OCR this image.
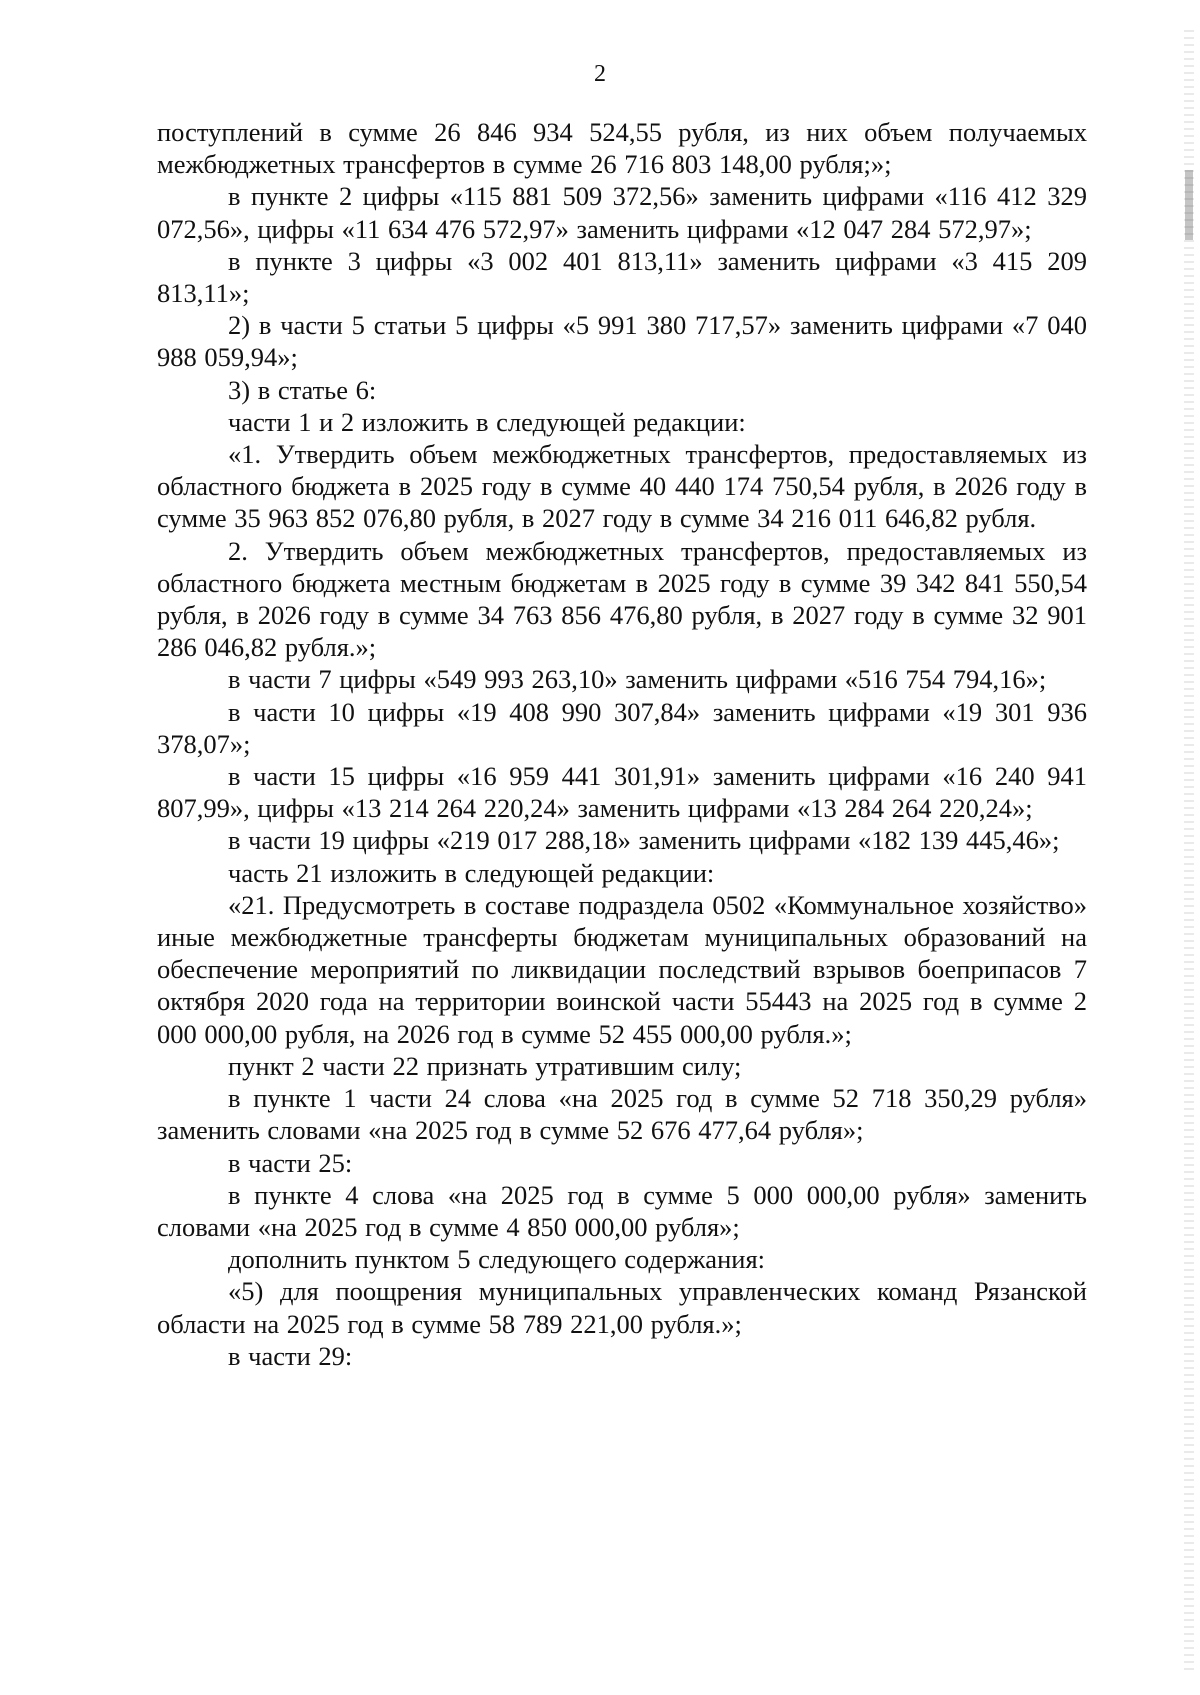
2

поступлений в сумме 26 846 934 524,55 рубля, из них объем получаемых межбюджетных трансфертов в сумме 26 716 803 148,00 рубля;»;

в пункте 2 цифры «115 881 509 372,56» заменить цифрами «116 412 329 072,56», цифры «11 634 476 572,97» заменить цифрами «12 047 284 572,97»;

в пункте 3 цифры «3 002 401 813,11» заменить цифрами «3 415 209 813,11»;

2) в части 5 статьи 5 цифры «5 991 380 717,57» заменить цифрами «7 040 988 059,94»;

3) в статье 6:

части 1 и 2 изложить в следующей редакции:

«1. Утвердить объем межбюджетных трансфертов, предоставляемых из областного бюджета в 2025 году в сумме 40 440 174 750,54 рубля, в 2026 году в сумме 35 963 852 076,80 рубля, в 2027 году в сумме 34 216 011 646,82 рубля.

2. Утвердить объем межбюджетных трансфертов, предоставляемых из областного бюджета местным бюджетам в 2025 году в сумме 39 342 841 550,54 рубля, в 2026 году в сумме 34 763 856 476,80 рубля, в 2027 году в сумме 32 901 286 046,82 рубля.»;

в части 7 цифры «549 993 263,10» заменить цифрами «516 754 794,16»;

в части 10 цифры «19 408 990 307,84» заменить цифрами «19 301 936 378,07»;

в части 15 цифры «16 959 441 301,91» заменить цифрами «16 240 941 807,99», цифры «13 214 264 220,24» заменить цифрами «13 284 264 220,24»;

в части 19 цифры «219 017 288,18» заменить цифрами «182 139 445,46»;

часть 21 изложить в следующей редакции:

«21. Предусмотреть в составе подраздела 0502 «Коммунальное хозяйство» иные межбюджетные трансферты бюджетам муниципальных образований на обеспечение мероприятий по ликвидации последствий взрывов боеприпасов 7 октября 2020 года на территории воинской части 55443 на 2025 год в сумме 2 000 000,00 рубля, на 2026 год в сумме 52 455 000,00 рубля.»;

пункт 2 части 22 признать утратившим силу;

в пункте 1 части 24 слова «на 2025 год в сумме 52 718 350,29 рубля» заменить словами «на 2025 год в сумме 52 676 477,64 рубля»;

в части 25:

в пункте 4 слова «на 2025 год в сумме 5 000 000,00 рубля» заменить словами «на 2025 год в сумме 4 850 000,00 рубля»;

дополнить пунктом 5 следующего содержания:

«5) для поощрения муниципальных управленческих команд Рязанской области на 2025 год в сумме 58 789 221,00 рубля.»;

в части 29:
